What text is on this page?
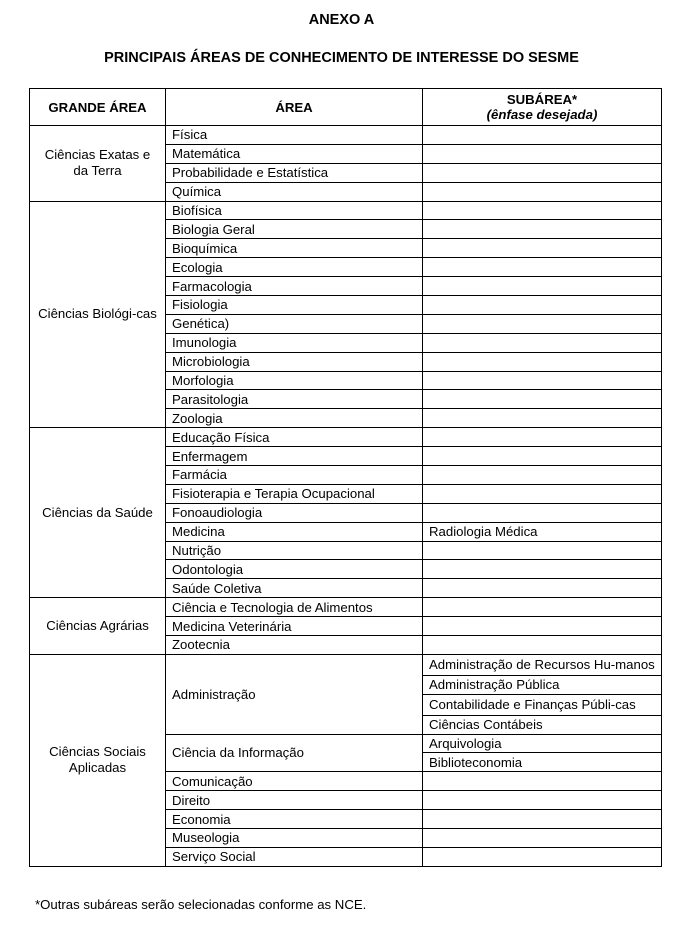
ANEXO A
PRINCIPAIS ÁREAS DE CONHECIMENTO DE INTERESSE DO SESME
GRANDE ÁREA	ÁREA	SUBÁREA*
(ênfase desejada)
Ciências Exatas e da Terra	Física	
	Matemática	
	Probabilidade e Estatística	
	Química	
Ciências Biológi-cas	Biofísica	
	Biologia Geral	
	Bioquímica	
	Ecologia	
	Farmacologia	
	Fisiologia	
	Genética)	
	Imunologia	
	Microbiologia	
	Morfologia	
	Parasitologia	
	Zoologia	
Ciências da Saúde	Educação Física	
	Enfermagem	
	Farmácia	
	Fisioterapia e Terapia Ocupacional	
	Fonoaudiologia	
	Medicina	Radiologia Médica
	Nutrição	
	Odontologia	
	Saúde Coletiva	
Ciências Agrárias	Ciência e Tecnologia de Alimentos	
	Medicina Veterinária	
	Zootecnia	
Ciências Sociais Aplicadas	Administração	Administração de Recursos Hu-manos
		Administração Pública
		Contabilidade e Finanças Públi-cas
		Ciências Contábeis
	Ciência da Informação	Arquivologia
		Biblioteconomia
	Comunicação	
	Direito	
	Economia	
	Museologia	
	Serviço Social	
*Outras subáreas serão selecionadas conforme as NCE.
